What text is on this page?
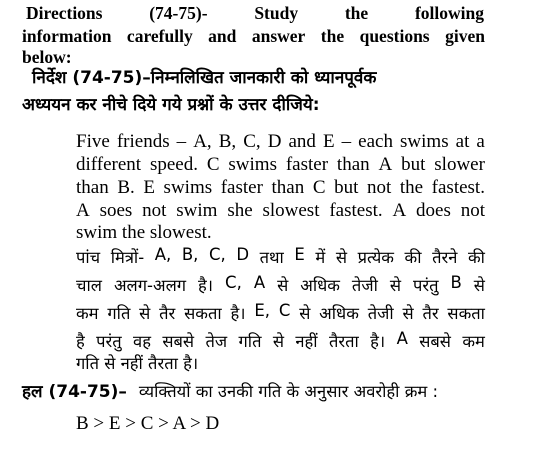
Directions	(74-75)-	Study	the	following
information carefully and answer the questions given
below:
निर्देश (74-75)–निम्नलिखित जानकारी को ध्यानपूर्वक
अध्ययन कर नीचे दिये गये प्रश्नों के उत्तर दीजिये:
Five friends – A, B, C, D and E – each swims at a
different speed. C swims faster than A but slower
than B. E swims faster than C but not the fastest.
A soes not swim she slowest fastest. A does not
swim the slowest.
पांच मित्रों- A, B, C, D तथा E में से प्रत्येक की तैरने की
चाल अलग-अलग है। C, A से अधिक तेजी से परंतु B से
कम गति से तैर सकता है। E, C से अधिक तेजी से तैर सकता
है परंतु वह सबसे तेज गति से नहीं तैरता है। A सबसे कम
गति से नहीं तैरता है।
हल (74-75)– व्यक्तियों का उनकी गति के अनुसार अवरोही क्रम :
B > E > C > A > D
